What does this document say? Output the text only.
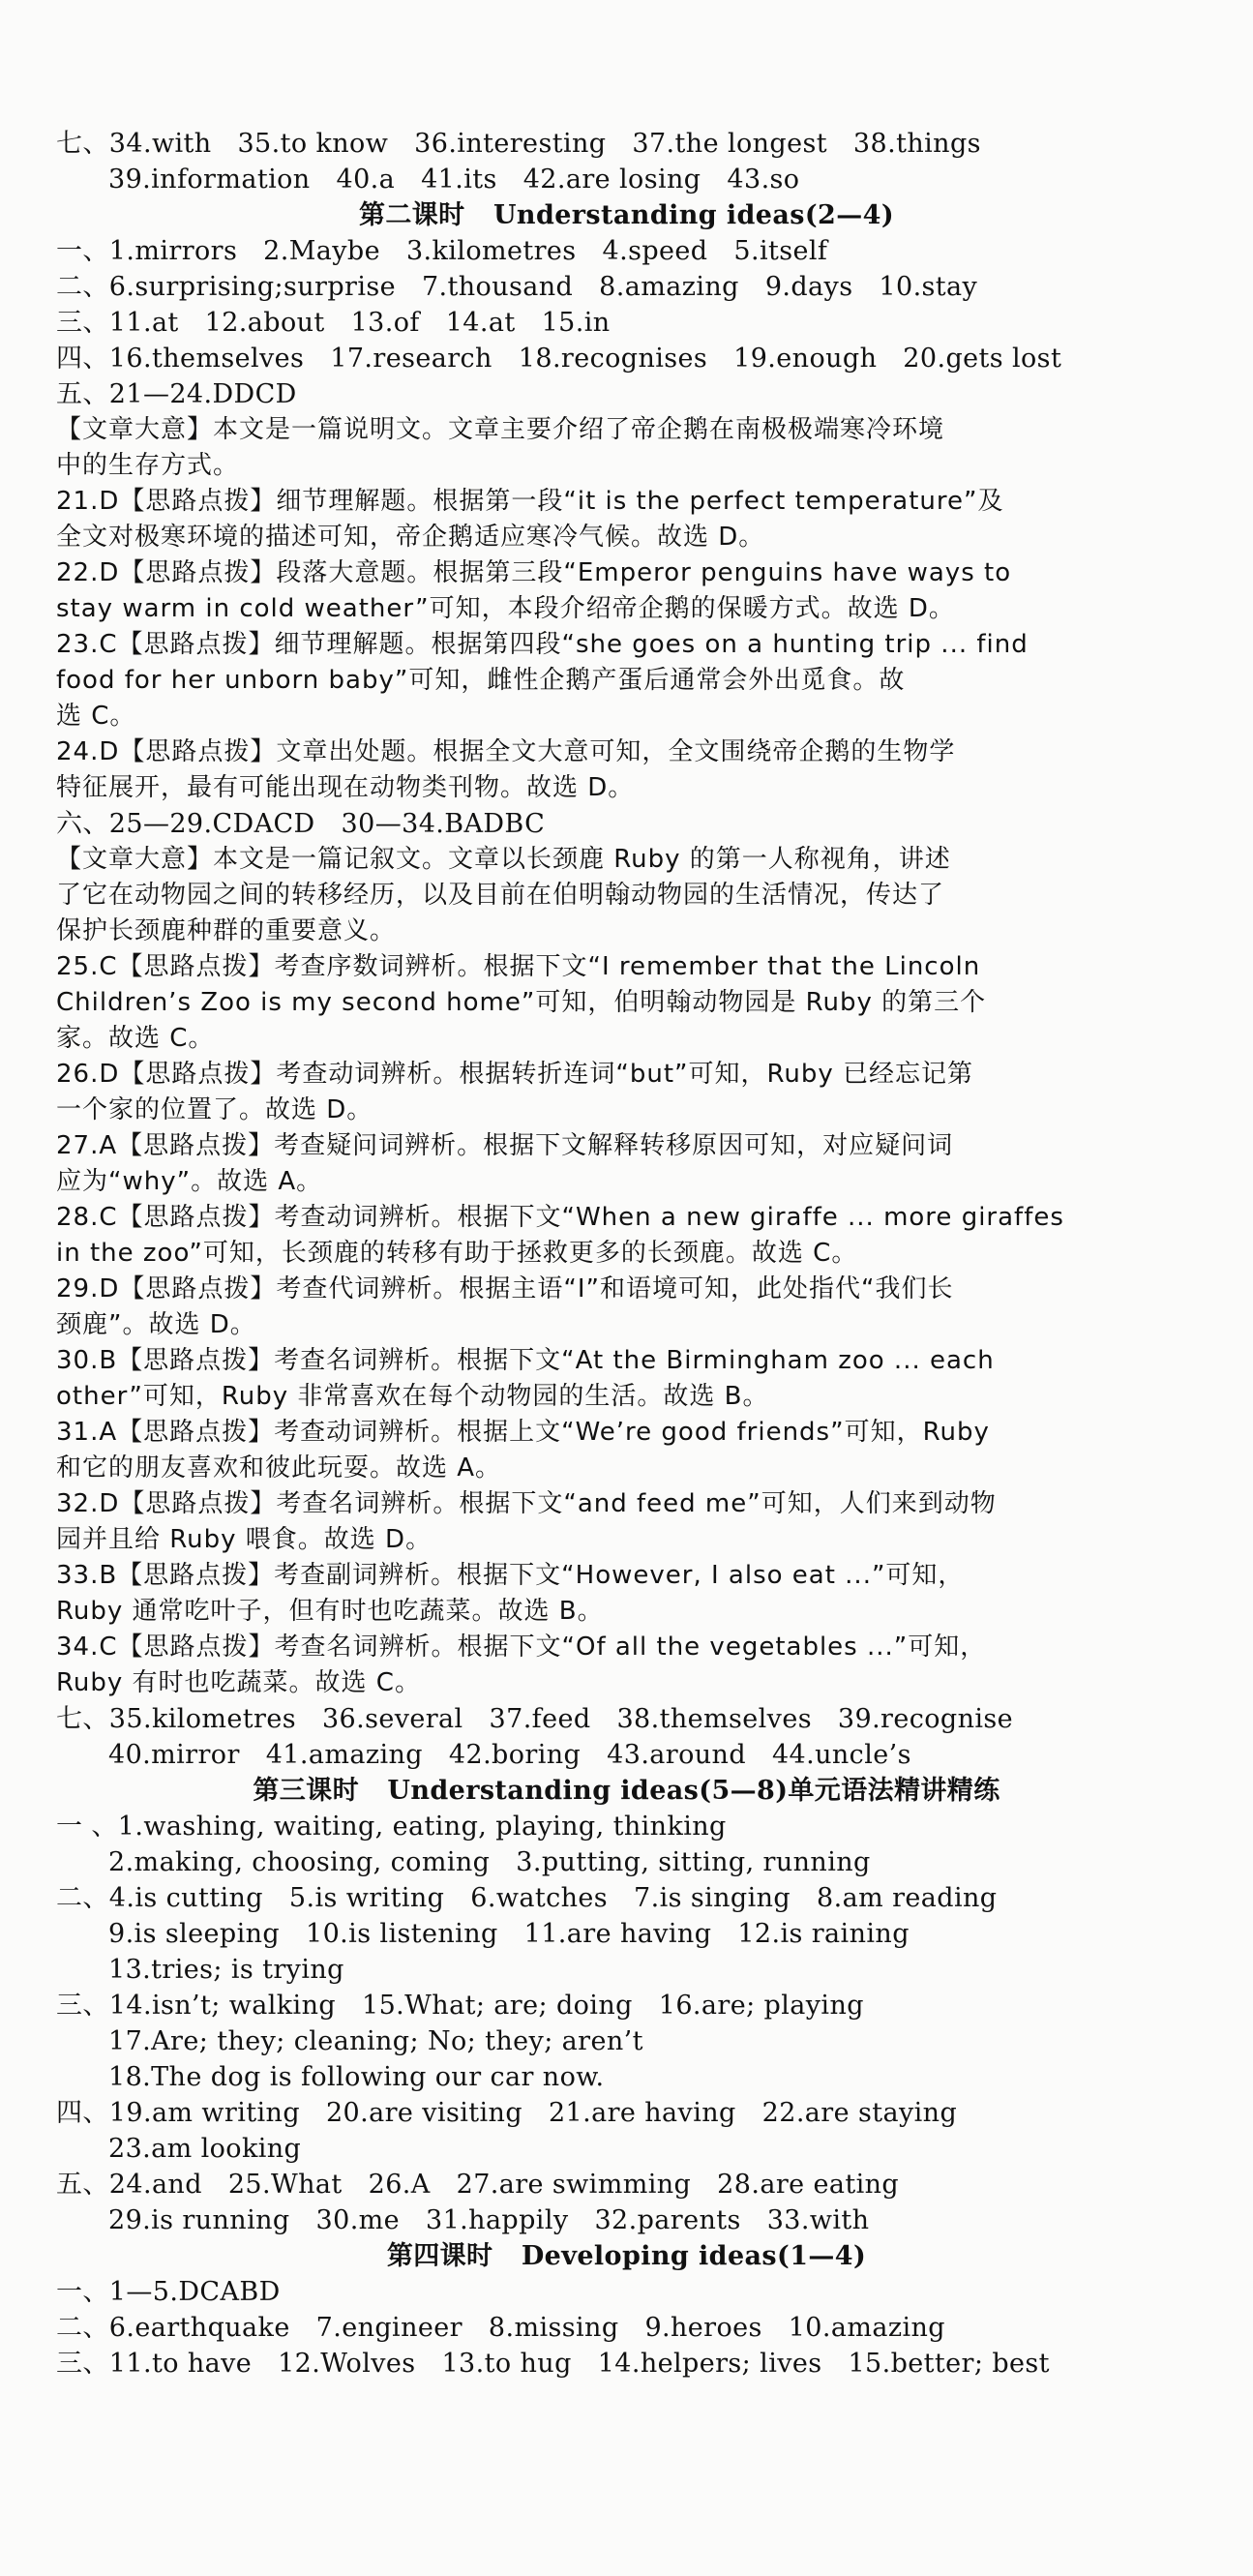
七、34.with   35.to know   36.interesting   37.the longest   38.things
39.information   40.a   41.its   42.are losing   43.so
第二课时   Understanding ideas(2—4)
一、1.mirrors   2.Maybe   3.kilometres   4.speed   5.itself
二、6.surprising;surprise   7.thousand   8.amazing   9.days   10.stay
三、11.at   12.about   13.of   14.at   15.in
四、16.themselves   17.research   18.recognises   19.enough   20.gets lost
五、21—24.DDCD
【文章大意】本文是一篇说明文。文章主要介绍了帝企鹅在南极极端寒冷环境
中的生存方式。
21.D【思路点拨】细节理解题。根据第一段“it is the perfect temperature”及
全文对极寒环境的描述可知，帝企鹅适应寒冷气候。故选 D。
22.D【思路点拨】段落大意题。根据第三段“Emperor penguins have ways to
stay warm in cold weather”可知，本段介绍帝企鹅的保暖方式。故选 D。
23.C【思路点拨】细节理解题。根据第四段“she goes on a hunting trip ... find
food for her unborn baby”可知，雌性企鹅产蛋后通常会外出觅食。故
选 C。
24.D【思路点拨】文章出处题。根据全文大意可知，全文围绕帝企鹅的生物学
特征展开，最有可能出现在动物类刊物。故选 D。
六、25—29.CDACD   30—34.BADBC
【文章大意】本文是一篇记叙文。文章以长颈鹿 Ruby 的第一人称视角，讲述
了它在动物园之间的转移经历，以及目前在伯明翰动物园的生活情况，传达了
保护长颈鹿种群的重要意义。
25.C【思路点拨】考查序数词辨析。根据下文“I remember that the Lincoln
Children’s Zoo is my second home”可知，伯明翰动物园是 Ruby 的第三个
家。故选 C。
26.D【思路点拨】考查动词辨析。根据转折连词“but”可知，Ruby 已经忘记第
一个家的位置了。故选 D。
27.A【思路点拨】考查疑问词辨析。根据下文解释转移原因可知，对应疑问词
应为“why”。故选 A。
28.C【思路点拨】考查动词辨析。根据下文“When a new giraffe ... more giraffes
in the zoo”可知，长颈鹿的转移有助于拯救更多的长颈鹿。故选 C。
29.D【思路点拨】考查代词辨析。根据主语“I”和语境可知，此处指代“我们长
颈鹿”。故选 D。
30.B【思路点拨】考查名词辨析。根据下文“At the Birmingham zoo ... each
other”可知，Ruby 非常喜欢在每个动物园的生活。故选 B。
31.A【思路点拨】考查动词辨析。根据上文“We’re good friends”可知，Ruby
和它的朋友喜欢和彼此玩耍。故选 A。
32.D【思路点拨】考查名词辨析。根据下文“and feed me”可知，人们来到动物
园并且给 Ruby 喂食。故选 D。
33.B【思路点拨】考查副词辨析。根据下文“However, I also eat ...”可知，
Ruby 通常吃叶子，但有时也吃蔬菜。故选 B。
34.C【思路点拨】考查名词辨析。根据下文“Of all the vegetables ...”可知，
Ruby 有时也吃蔬菜。故选 C。
七、35.kilometres   36.several   37.feed   38.themselves   39.recognise
40.mirror   41.amazing   42.boring   43.around   44.uncle’s
第三课时   Understanding ideas(5—8)单元语法精讲精练
一 、1.washing, waiting, eating, playing, thinking
2.making, choosing, coming   3.putting, sitting, running
二、4.is cutting   5.is writing   6.watches   7.is singing   8.am reading
9.is sleeping   10.is listening   11.are having   12.is raining
13.tries; is trying
三、14.isn’t; walking   15.What; are; doing   16.are; playing
17.Are; they; cleaning; No; they; aren’t
18.The dog is following our car now.
四、19.am writing   20.are visiting   21.are having   22.are staying
23.am looking
五、24.and   25.What   26.A   27.are swimming   28.are eating
29.is running   30.me   31.happily   32.parents   33.with
第四课时   Developing ideas(1—4)
一、1—5.DCABD
二、6.earthquake   7.engineer   8.missing   9.heroes   10.amazing
三、11.to have   12.Wolves   13.to hug   14.helpers; lives   15.better; best
